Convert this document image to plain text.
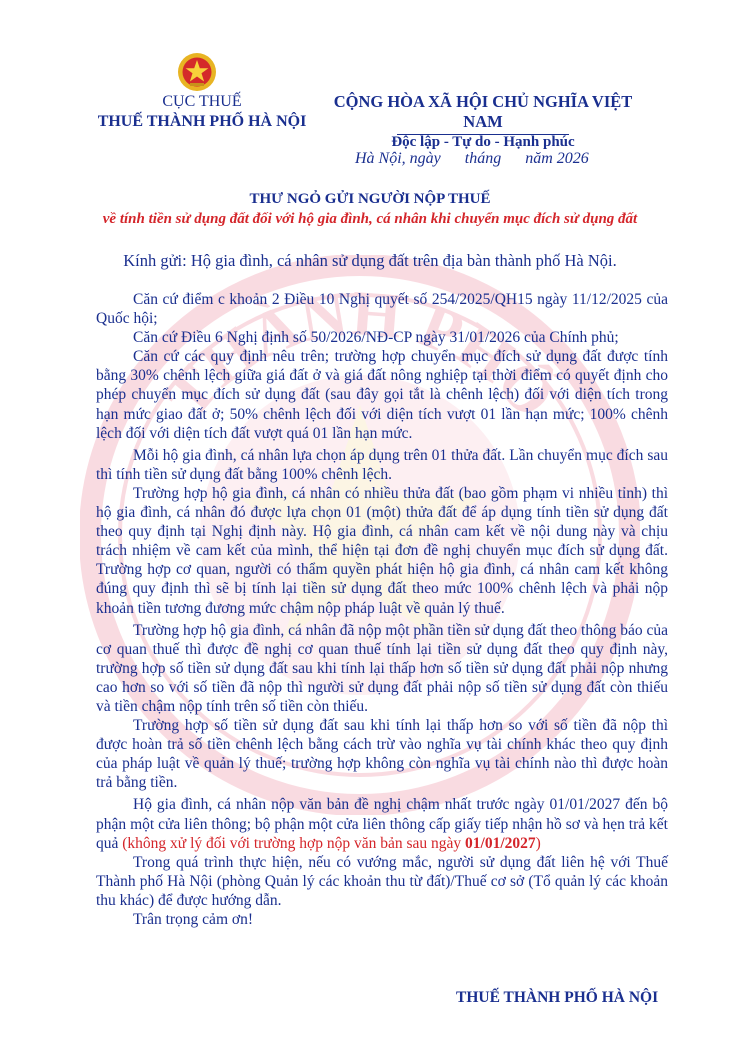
THÀNH PHỐ
CỤC THUẾ
THUẾ THÀNH PHỐ HÀ NỘI
CỘNG HÒA XÃ HỘI CHỦ NGHĨA VIỆT NAM
Độc lập - Tự do - Hạnh phúc
Hà Nội, ngày      tháng      năm 2026
THƯ NGỎ GỬI NGƯỜI NỘP THUẾ
về tính tiền sử dụng đất đối với hộ gia đình, cá nhân khi chuyển mục đích sử dụng đất
Kính gửi: Hộ gia đình, cá nhân sử dụng đất trên địa bàn thành phố Hà Nội.

Căn cứ điểm c khoản 2 Điều 10 Nghị quyết số 254/2025/QH15 ngày 11/12/2025 của Quốc hội;

Căn cứ Điều 6 Nghị định số 50/2026/NĐ-CP ngày 31/01/2026 của Chính phủ;

Căn cứ các quy định nêu trên; trường hợp chuyển mục đích sử dụng đất được tính bằng 30% chênh lệch giữa giá đất ở và giá đất nông nghiệp tại thời điểm có quyết định cho phép chuyển mục đích sử dụng đất (sau đây gọi tắt là chênh lệch) đối với diện tích trong hạn mức giao đất ở; 50% chênh lệch đối với diện tích vượt 01 lần hạn mức; 100% chênh lệch đối với diện tích đất vượt quá 01 lần hạn mức.

Mỗi hộ gia đình, cá nhân lựa chọn áp dụng trên 01 thửa đất. Lần chuyển mục đích sau thì tính tiền sử dụng đất bằng 100% chênh lệch.

Trường hợp hộ gia đình, cá nhân có nhiều thửa đất (bao gồm phạm vi nhiều tỉnh) thì hộ gia đình, cá nhân đó được lựa chọn 01 (một) thửa đất để áp dụng tính tiền sử dụng đất theo quy định tại Nghị định này. Hộ gia đình, cá nhân cam kết về nội dung này và chịu trách nhiệm về cam kết của mình, thể hiện tại đơn đề nghị chuyển mục đích sử dụng đất. Trường hợp cơ quan, người có thẩm quyền phát hiện hộ gia đình, cá nhân cam kết không đúng quy định thì sẽ bị tính lại tiền sử dụng đất theo mức 100% chênh lệch và phải nộp khoản tiền tương đương mức chậm nộp pháp luật về quản lý thuế.

Trường hợp hộ gia đình, cá nhân đã nộp một phần tiền sử dụng đất theo thông báo của cơ quan thuế thì được đề nghị cơ quan thuế tính lại tiền sử dụng đất theo quy định này, trường hợp số tiền sử dụng đất sau khi tính lại thấp hơn số tiền sử dụng đất phải nộp nhưng cao hơn so với số tiền đã nộp thì người sử dụng đất phải nộp số tiền sử dụng đất còn thiếu và tiền chậm nộp tính trên số tiền còn thiếu.

Trường hợp số tiền sử dụng đất sau khi tính lại thấp hơn so với số tiền đã nộp thì được hoàn trả số tiền chênh lệch bằng cách trừ vào nghĩa vụ tài chính khác theo quy định của pháp luật về quản lý thuế; trường hợp không còn nghĩa vụ tài chính nào thì được hoàn trả bằng tiền.

Hộ gia đình, cá nhân nộp văn bản đề nghị chậm nhất trước ngày 01/01/2027 đến bộ phận một cửa liên thông; bộ phận một cửa liên thông cấp giấy tiếp nhận hồ sơ và hẹn trả kết quả (không xử lý đối với trường hợp nộp văn bản sau ngày 01/01/2027)

Trong quá trình thực hiện, nếu có vướng mắc, người sử dụng đất liên hệ với Thuế Thành phố Hà Nội (phòng Quản lý các khoản thu từ đất)/Thuế cơ sở (Tổ quản lý các khoản thu khác) để được hướng dẫn.

Trân trọng cảm ơn!

THUẾ THÀNH PHỐ HÀ NỘI
